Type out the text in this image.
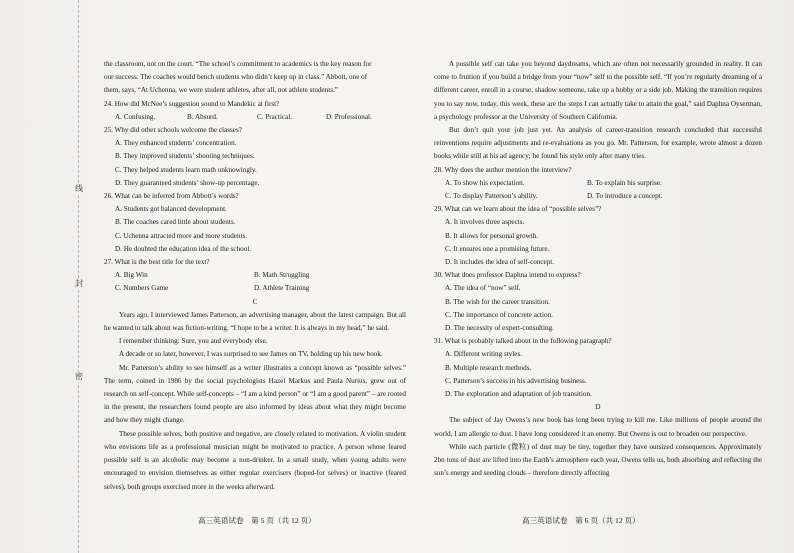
线
封
密

the classroom, not on the court. “The school’s commitment to academics is the key reason for

our success. The coaches would bench students who didn’t keep up in class.” Abbott, one of

them, says, “At Uchenna, we were student athletes, after all, not athlete students.”

24. How did McNee’s suggestion sound to Mandekic at first?

A. Confusing.	B. Absurd.	C. Practical.	D. Professional.

25. Why did other schools welcome the classes?

A. They enhanced students’ concentration.

B. They improved students’ shooting techniques.

C. They helped students learn math unknowingly.

D. They guaranteed students’ show-up percentage.

26. What can be inferred from Abbott’s words?

A. Students got balanced development.

B. The coaches cared little about students.

C. Uchenna attracted more and more students.

D. He doubted the education idea of the school.

27. What is the best title for the text?

A. Big Win	B. Math Struggling
C. Numbers Game	D. Athlete Training

C

Years ago, I interviewed James Patterson, an advertising manager, about the latest campaign. But all he wanted to talk about was fiction-writing. “I hope to be a writer. It is always in my head,” he said.

I remember thinking: Sure, you and everybody else.

A decade or so later, however, I was surprised to see James on TV, holding up his new book.

Mr. Patterson’s ability to see himself as a writer illustrates a concept known as “possible selves.” The term, coined in 1986 by the social psychologists Hazel Markus and Paula Nurius, grew out of research on self-concept. While self-concepts – “I am a kind person” or “I am a good parent” – are rooted in the present, the researchers found people are also informed by ideas about what they might become and how they might change.

These possible selves, both positive and negative, are closely related to motivation. A violin student who envisions life as a professional musician might be motivated to practice. A person whose feared possible self is an alcoholic may become a non-drinker. In a small study, when young adults were encouraged to envision themselves as either regular exercisers (hoped-for selves) or inactive (feared selves), both groups exercised more in the weeks afterward.

A possible self can take you beyond daydreams, which are often not necessarily grounded in reality. It can come to fruition if you build a bridge from your “now” self to the possible self. “If you’re regularly dreaming of a different career, enroll in a course, shadow someone, take up a hobby or a side job. Making the transition requires you to say now, today, this week, these are the steps I can actually take to attain the goal,” said Daphna Oyserman, a psychology professor at the University of Southern California.

But don’t quit your job just yet. An analysis of career-transition research concluded that successful reinventions require adjustments and re-evaluations as you go. Mr. Patterson, for example, wrote almost a dozen books while still at his ad agency; he found his style only after many tries.

28. Why does the author mention the interview?

A. To show his expectation.	B. To explain his surprise.
C. To display Patterson’s ability.	D. To introduce a concept.

29. What can we learn about the idea of “possible selves”?

A. It involves three aspects.

B. It allows for personal growth.

C. It ensures one a promising future.

D. It includes the idea of self-concept.

30. What does professor Daphna intend to express?

A. The idea of “now” self.

B. The wish for the career transition.

C. The importance of concrete action.

D. The necessity of expert-consulting.

31. What is probably talked about in the following paragraph?

A. Different writing styles.

B. Multiple research methods.

C. Patterson’s success in his advertising business.

D. The exploration and adaptation of job transition.

D

The subject of Jay Owens’s new book has long been trying to kill me. Like millions of people around the world, I am allergic to dust. I have long considered it an enemy. But Owens is out to broaden our perspective.

While each particle (微粒) of dust may be tiny, together they have outsized consequences. Approximately 2bn tons of dust are lifted into the Earth’s atmosphere each year, Owens tells us, both absorbing and reflecting the sun’s energy and seeding clouds – therefore directly affecting

高三英语试卷　第 5 页（共 12 页）	高三英语试卷　第 6 页（共 12 页）
